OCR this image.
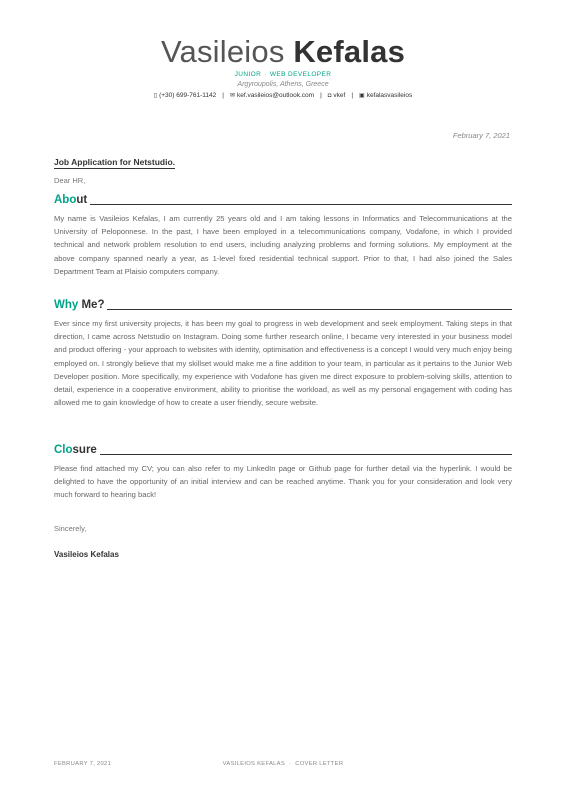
Vasileios Kefalas
JUNIOR · WEB DEVELOPER
Argyroupolis, Athens, Greece
▯ (+30) 699-761-1142 | ✉ kef.vasileios@outlook.com | ◘ vkef | ▣ kefalasvasileios
February 7, 2021
Job Application for Netstudio.
Dear HR,
About
My name is Vasileios Kefalas, I am currently 25 years old and I am taking lessons in Informatics and Telecommunications at the University of Peloponnese. In the past, I have been employed in a telecommunications company, Vodafone, in which I provided technical and network problem resolution to end users, including analyzing problems and forming solutions. My employment at the above company spanned nearly a year, as 1-level fixed residential technical support. Prior to that, I had also joined the Sales Department Team at Plaisio computers company.
Why Me?
Ever since my first university projects, it has been my goal to progress in web development and seek employment. Taking steps in that direction, I came across Netstudio on Instagram. Doing some further research online, I became very interested in your business model and product offering - your approach to websites with identity, optimisation and effectiveness is a concept I would very much enjoy being employed on. I strongly believe that my skillset would make me a fine addition to your team, in particular as it pertains to the Junior Web Developer position. More specifically, my experience with Vodafone has given me direct exposure to problem-solving skills, attention to detail, experience in a cooperative environment, ability to prioritise the workload, as well as my personal engagement with coding has allowed me to gain knowledge of how to create a user friendly, secure website.
Closure
Please find attached my CV; you can also refer to my LinkedIn page or Github page for further detail via the hyperlink. I would be delighted to have the opportunity of an initial interview and can be reached anytime. Thank you for your consideration and look very much forward to hearing back!
Sincerely,
Vasileios Kefalas
FEBRUARY 7, 2021	VASILEIOS KEFALAS · COVER LETTER
